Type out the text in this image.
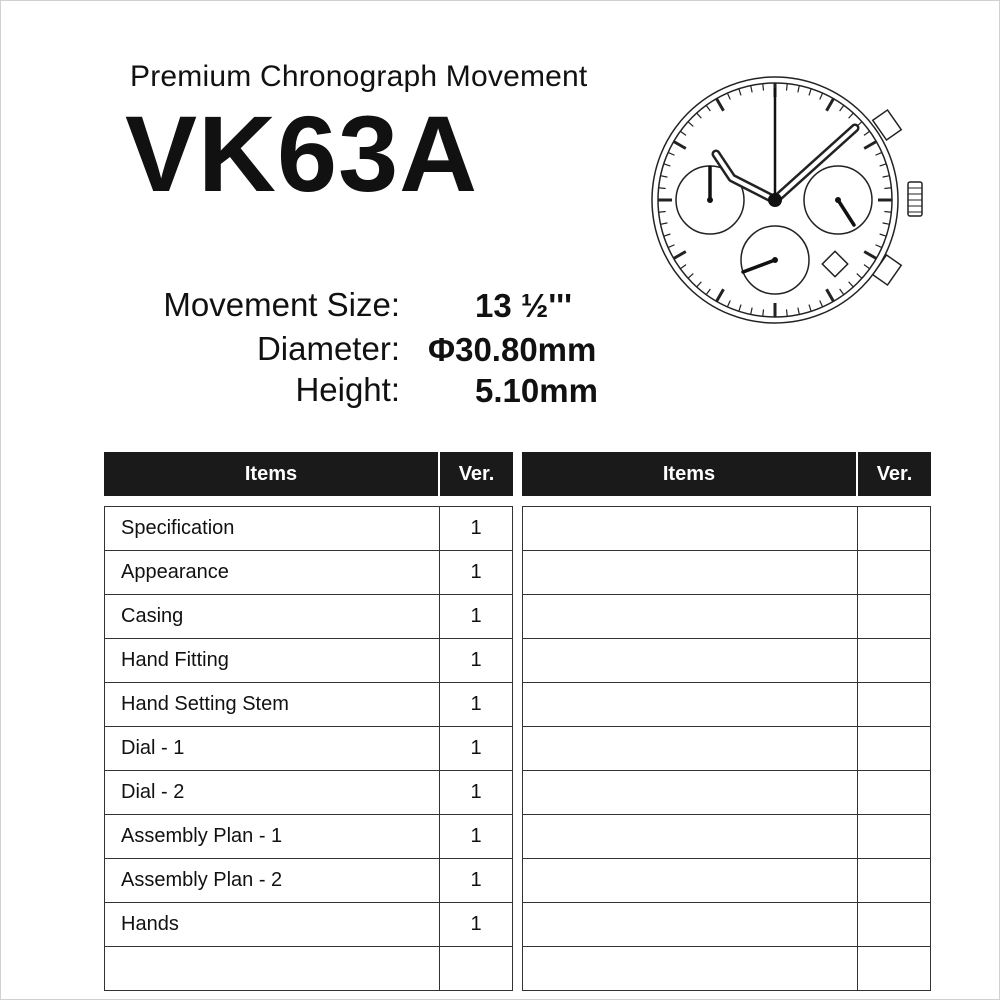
Premium Chronograph Movement
VK63A
Movement Size: 13 ½'''
Diameter: Φ30.80mm
Height: 5.10mm
Items	Ver.

Specification	1
Appearance	1
Casing	1
Hand Fitting	1
Hand Setting Stem	1
Dial - 1	1
Dial - 2	1
Assembly Plan - 1	1
Assembly Plan - 2	1
Hands	1

Items	Ver.
